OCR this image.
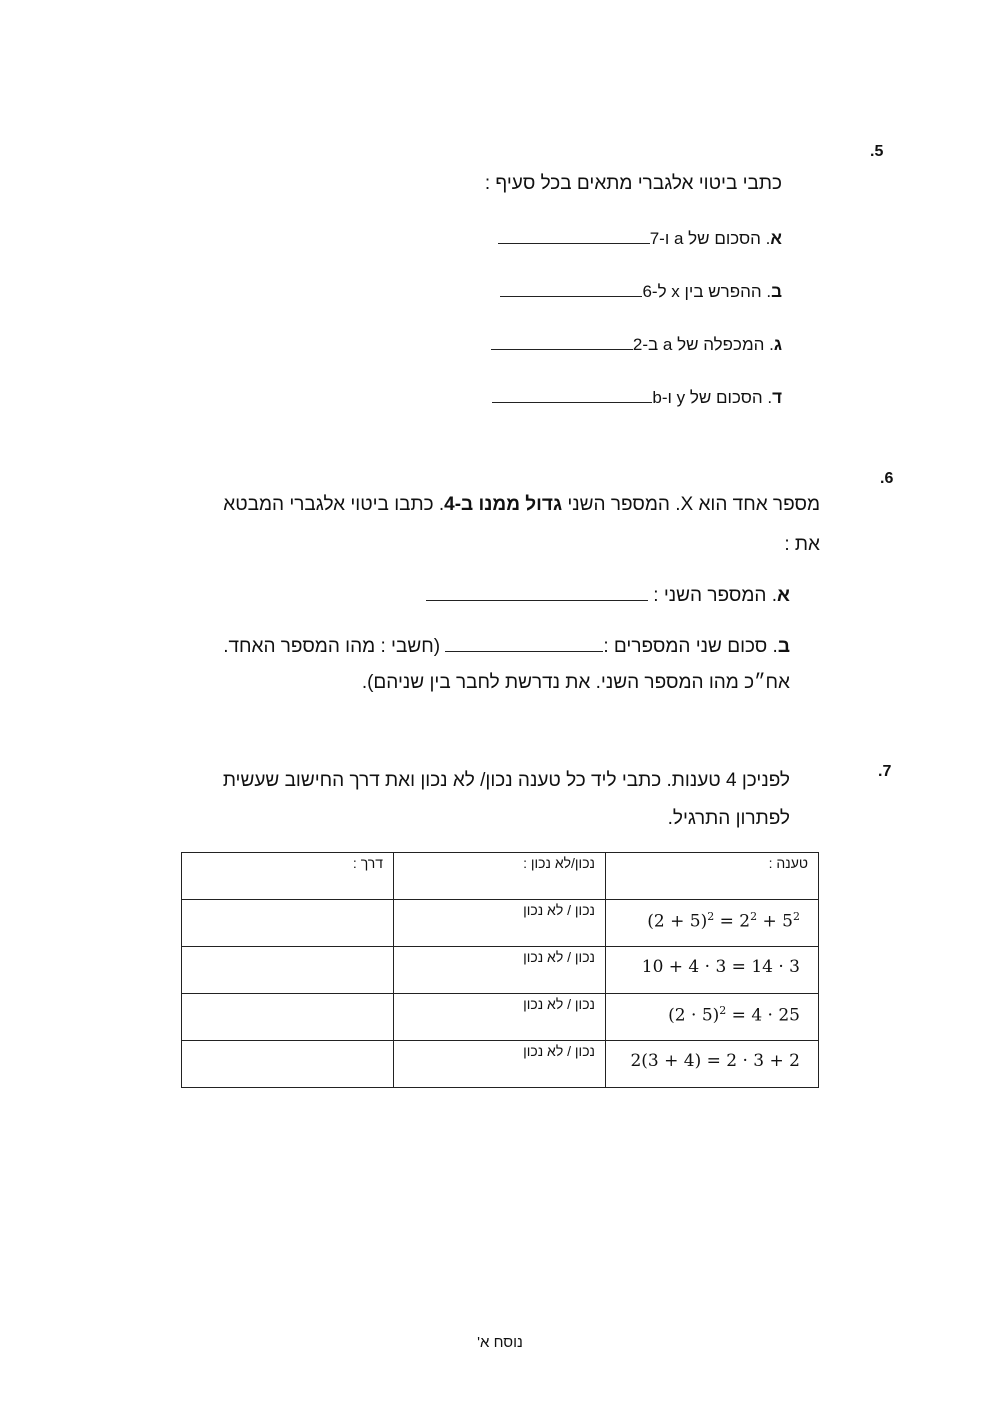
.5
כתבי ביטוי אלגברי מתאים בכל סעיף :
א. הסכום של a ו-7
ב. ההפרש בין x ל-6
ג. המכפלה של a ב-2
ד. הסכום של y ו-b
.6
מספר אחד הוא X. המספר השני גדול ממנו ב-4. כתבו ביטוי אלגברי המבטא
את :
א. המספר השני :
ב. סכום שני המספרים : (חשבי : מהו המספר האחד.
אח״כ מהו המספר השני. את נדרשת לחבר בין שניהם).
.7
לפניכן 4 טענות. כתבי ליד כל טענה נכון/ לא נכון ואת דרך החישוב שעשית
לפתרון התרגיל.
דרך :	נכון/לא נכון :	טענה :

	נכון / לא נכון	$(2 + 5)^2 = 2^2 + 5^2$

	נכון / לא נכון	10 + 4 · 3 = 14 · 3

	נכון / לא נכון	$(2 \cdot 5)^2 = 4 \cdot 25$

	נכון / לא נכון	2(3 + 4) = 2 · 3 + 2
נוסח א'
